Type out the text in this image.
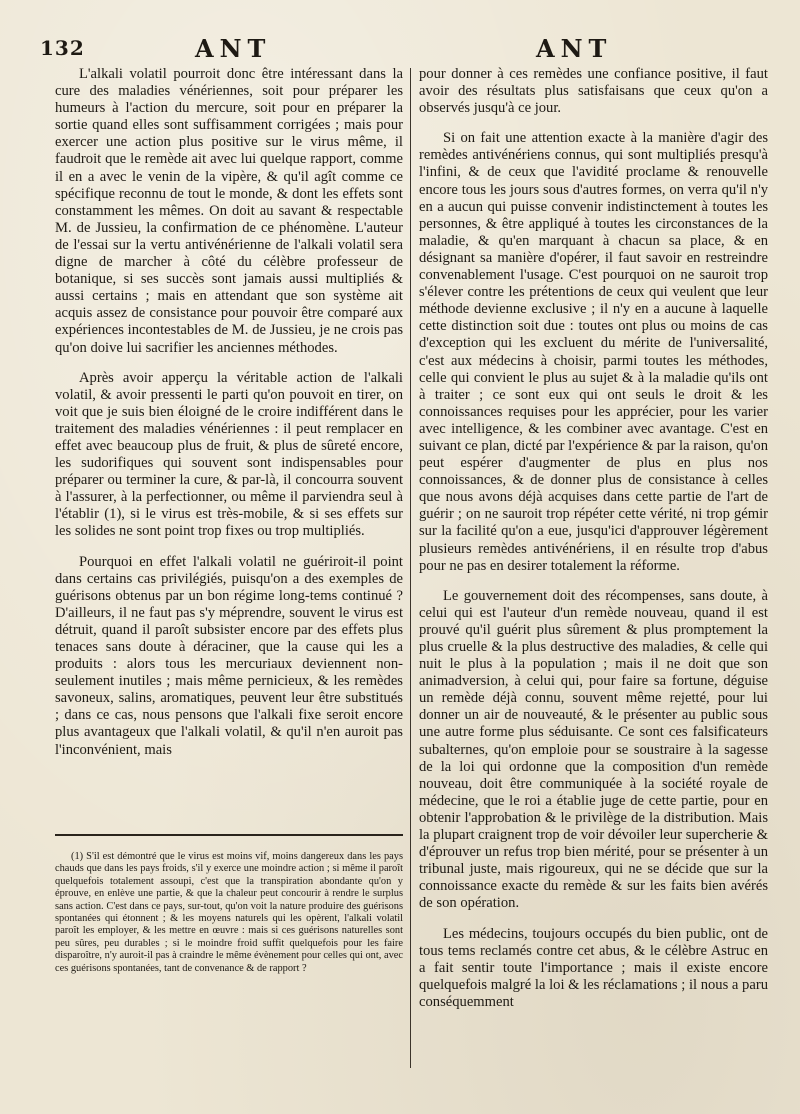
132	ANT	ANT

L'alkali volatil pourroit donc être intéressant dans la cure des maladies vénériennes, soit pour préparer les humeurs à l'action du mercure, soit pour en préparer la sortie quand elles sont suffisamment corrigées ; mais pour exercer une action plus positive sur le virus même, il faudroit que le remède ait avec lui quelque rapport, comme il en a avec le venin de la vipère, & qu'il agît comme ce spécifique reconnu de tout le monde, & dont les effets sont constamment les mêmes. On doit au savant & respectable M. de Jussieu, la confirmation de ce phénomène. L'auteur de l'essai sur la vertu antivénérienne de l'alkali volatil sera digne de marcher à côté du célèbre professeur de botanique, si ses succès sont jamais aussi multipliés & aussi certains ; mais en attendant que son système ait acquis assez de consistance pour pouvoir être comparé aux expériences incontestables de M. de Jussieu, je ne crois pas qu'on doive lui sacrifier les anciennes méthodes.

Après avoir apperçu la véritable action de l'alkali volatil, & avoir pressenti le parti qu'on pouvoit en tirer, on voit que je suis bien éloigné de le croire indifférent dans le traitement des maladies vénériennes : il peut remplacer en effet avec beaucoup plus de fruit, & plus de sûreté encore, les sudorifiques qui souvent sont indispensables pour préparer ou terminer la cure, & par-là, il concourra souvent à l'assurer, à la perfectionner, ou même il parviendra seul à l'établir (1), si le virus est très-mobile, & si ses effets sur les solides ne sont point trop fixes ou trop multipliés.

Pourquoi en effet l'alkali volatil ne guériroit-il point dans certains cas privilégiés, puisqu'on a des exemples de guérisons obtenus par un bon régime long-tems continué ? D'ailleurs, il ne faut pas s'y méprendre, souvent le virus est détruit, quand il paroît subsister encore par des effets plus tenaces sans doute à déraciner, que la cause qui les a produits : alors tous les mercuriaux deviennent non-seulement inutiles ; mais même pernicieux, & les remèdes savoneux, salins, aromatiques, peuvent leur être substitués ; dans ce cas, nous pensons que l'alkali fixe seroit encore plus avantageux que l'alkali volatil, & qu'il n'en auroit pas l'inconvénient, mais

pour donner à ces remèdes une confiance positive, il faut avoir des résultats plus satisfaisans que ceux qu'on a observés jusqu'à ce jour.

Si on fait une attention exacte à la manière d'agir des remèdes antivénériens connus, qui sont multipliés presqu'à l'infini, & de ceux que l'avidité proclame & renouvelle encore tous les jours sous d'autres formes, on verra qu'il n'y en a aucun qui puisse convenir indistinctement à toutes les personnes, & être appliqué à toutes les circonstances de la maladie, & qu'en marquant à chacun sa place, & en désignant sa manière d'opérer, il faut savoir en restreindre convenablement l'usage. C'est pourquoi on ne sauroit trop s'élever contre les prétentions de ceux qui veulent que leur méthode devienne exclusive ; il n'y en a aucune à laquelle cette distinction soit due : toutes ont plus ou moins de cas d'exception qui les excluent du mérite de l'universalité, c'est aux médecins à choisir, parmi toutes les méthodes, celle qui convient le plus au sujet & à la maladie qu'ils ont à traiter ; ce sont eux qui ont seuls le droit & les connoissances requises pour les apprécier, pour les varier avec intelligence, & les combiner avec avantage. C'est en suivant ce plan, dicté par l'expérience & par la raison, qu'on peut espérer d'augmenter de plus en plus nos connoissances, & de donner plus de consistance à celles que nous avons déjà acquises dans cette partie de l'art de guérir ; on ne sauroit trop répéter cette vérité, ni trop gémir sur la facilité qu'on a eue, jusqu'ici d'approuver légèrement plusieurs remèdes antivénériens, il en résulte trop d'abus pour ne pas en desirer totalement la réforme.

Le gouvernement doit des récompenses, sans doute, à celui qui est l'auteur d'un remède nouveau, quand il est prouvé qu'il guérit plus sûrement & plus promptement la plus cruelle & la plus destructive des maladies, & celle qui nuit le plus à la population ; mais il ne doit que son animadversion, à celui qui, pour faire sa fortune, déguise un remède déjà connu, souvent même rejetté, pour lui donner un air de nouveauté, & le présenter au public sous une autre forme plus séduisante. Ce sont ces falsificateurs subalternes, qu'on emploie pour se soustraire à la sagesse de la loi qui ordonne que la composition d'un remède nouveau, doit être communiquée à la société royale de médecine, que le roi a établie juge de cette partie, pour en obtenir l'approbation & le privilège de la distribution. Mais la plupart craignent trop de voir dévoiler leur supercherie & d'éprouver un refus trop bien mérité, pour se présenter à un tribunal juste, mais rigoureux, qui ne se décide que sur la connoissance exacte du remède & sur les faits bien avérés de son opération.

Les médecins, toujours occupés du bien public, ont de tous tems reclamés contre cet abus, & le célèbre Astruc en a fait sentir toute l'importance ; mais il existe encore quelquefois malgré la loi & les réclamations ; il nous a paru conséquemment

(1) S'il est démontré que le virus est moins vif, moins dangereux dans les pays chauds que dans les pays froids, s'il y exerce une moindre action ; si même il paroît quelquefois totalement assoupi, c'est que la transpiration abondante qu'on y éprouve, en enlève une partie, & que la chaleur peut concourir à rendre le surplus sans action. C'est dans ce pays, sur-tout, qu'on voit la nature produire des guérisons spontanées qui étonnent ; & les moyens naturels qui les opèrent, l'alkali volatil paroît les employer, & les mettre en œuvre : mais si ces guérisons naturelles sont peu sûres, peu durables ; si le moindre froid suffit quelquefois pour les faire disparoître, n'y auroit-il pas à craindre le même évènement pour celles qui ont, avec ces guérisons spontanées, tant de convenance & de rapport ?
